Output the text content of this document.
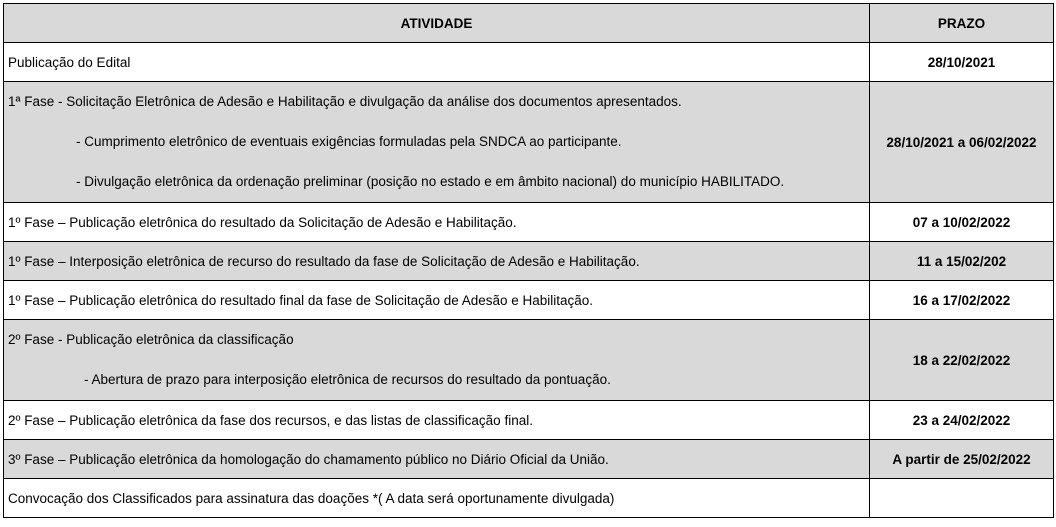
ATIVIDADE	PRAZO
Publicação do Edital	28/10/2021

1ª Fase - Solicitação Eletrônica de Adesão e Habilitação e divulgação da análise dos documentos apresentados.
- Cumprimento eletrônico de eventuais exigências formuladas pela SNDCA ao participante.
- Divulgação eletrônica da ordenação preliminar (posição no estado e em âmbito nacional) do município HABILITADO.	28/10/2021 a 06/02/2022
1º Fase – Publicação eletrônica do resultado da Solicitação de Adesão e Habilitação.	07 a 10/02/2022
1º Fase – Interposição eletrônica de recurso do resultado da fase de Solicitação de Adesão e Habilitação.	11 a 15/02/202
1º Fase – Publicação eletrônica do resultado final da fase de Solicitação de Adesão e Habilitação.	16 a 17/02/2022

2º Fase - Publicação eletrônica da classificação
- Abertura de prazo para interposição eletrônica de recursos do resultado da pontuação.	18 a 22/02/2022
2º Fase – Publicação eletrônica da fase dos recursos, e das listas de classificação final.	23 a 24/02/2022
3º Fase – Publicação eletrônica da homologação do chamamento público no Diário Oficial da União.	A partir de 25/02/2022
Convocação dos Classificados para assinatura das doações *( A data será oportunamente divulgada)	
